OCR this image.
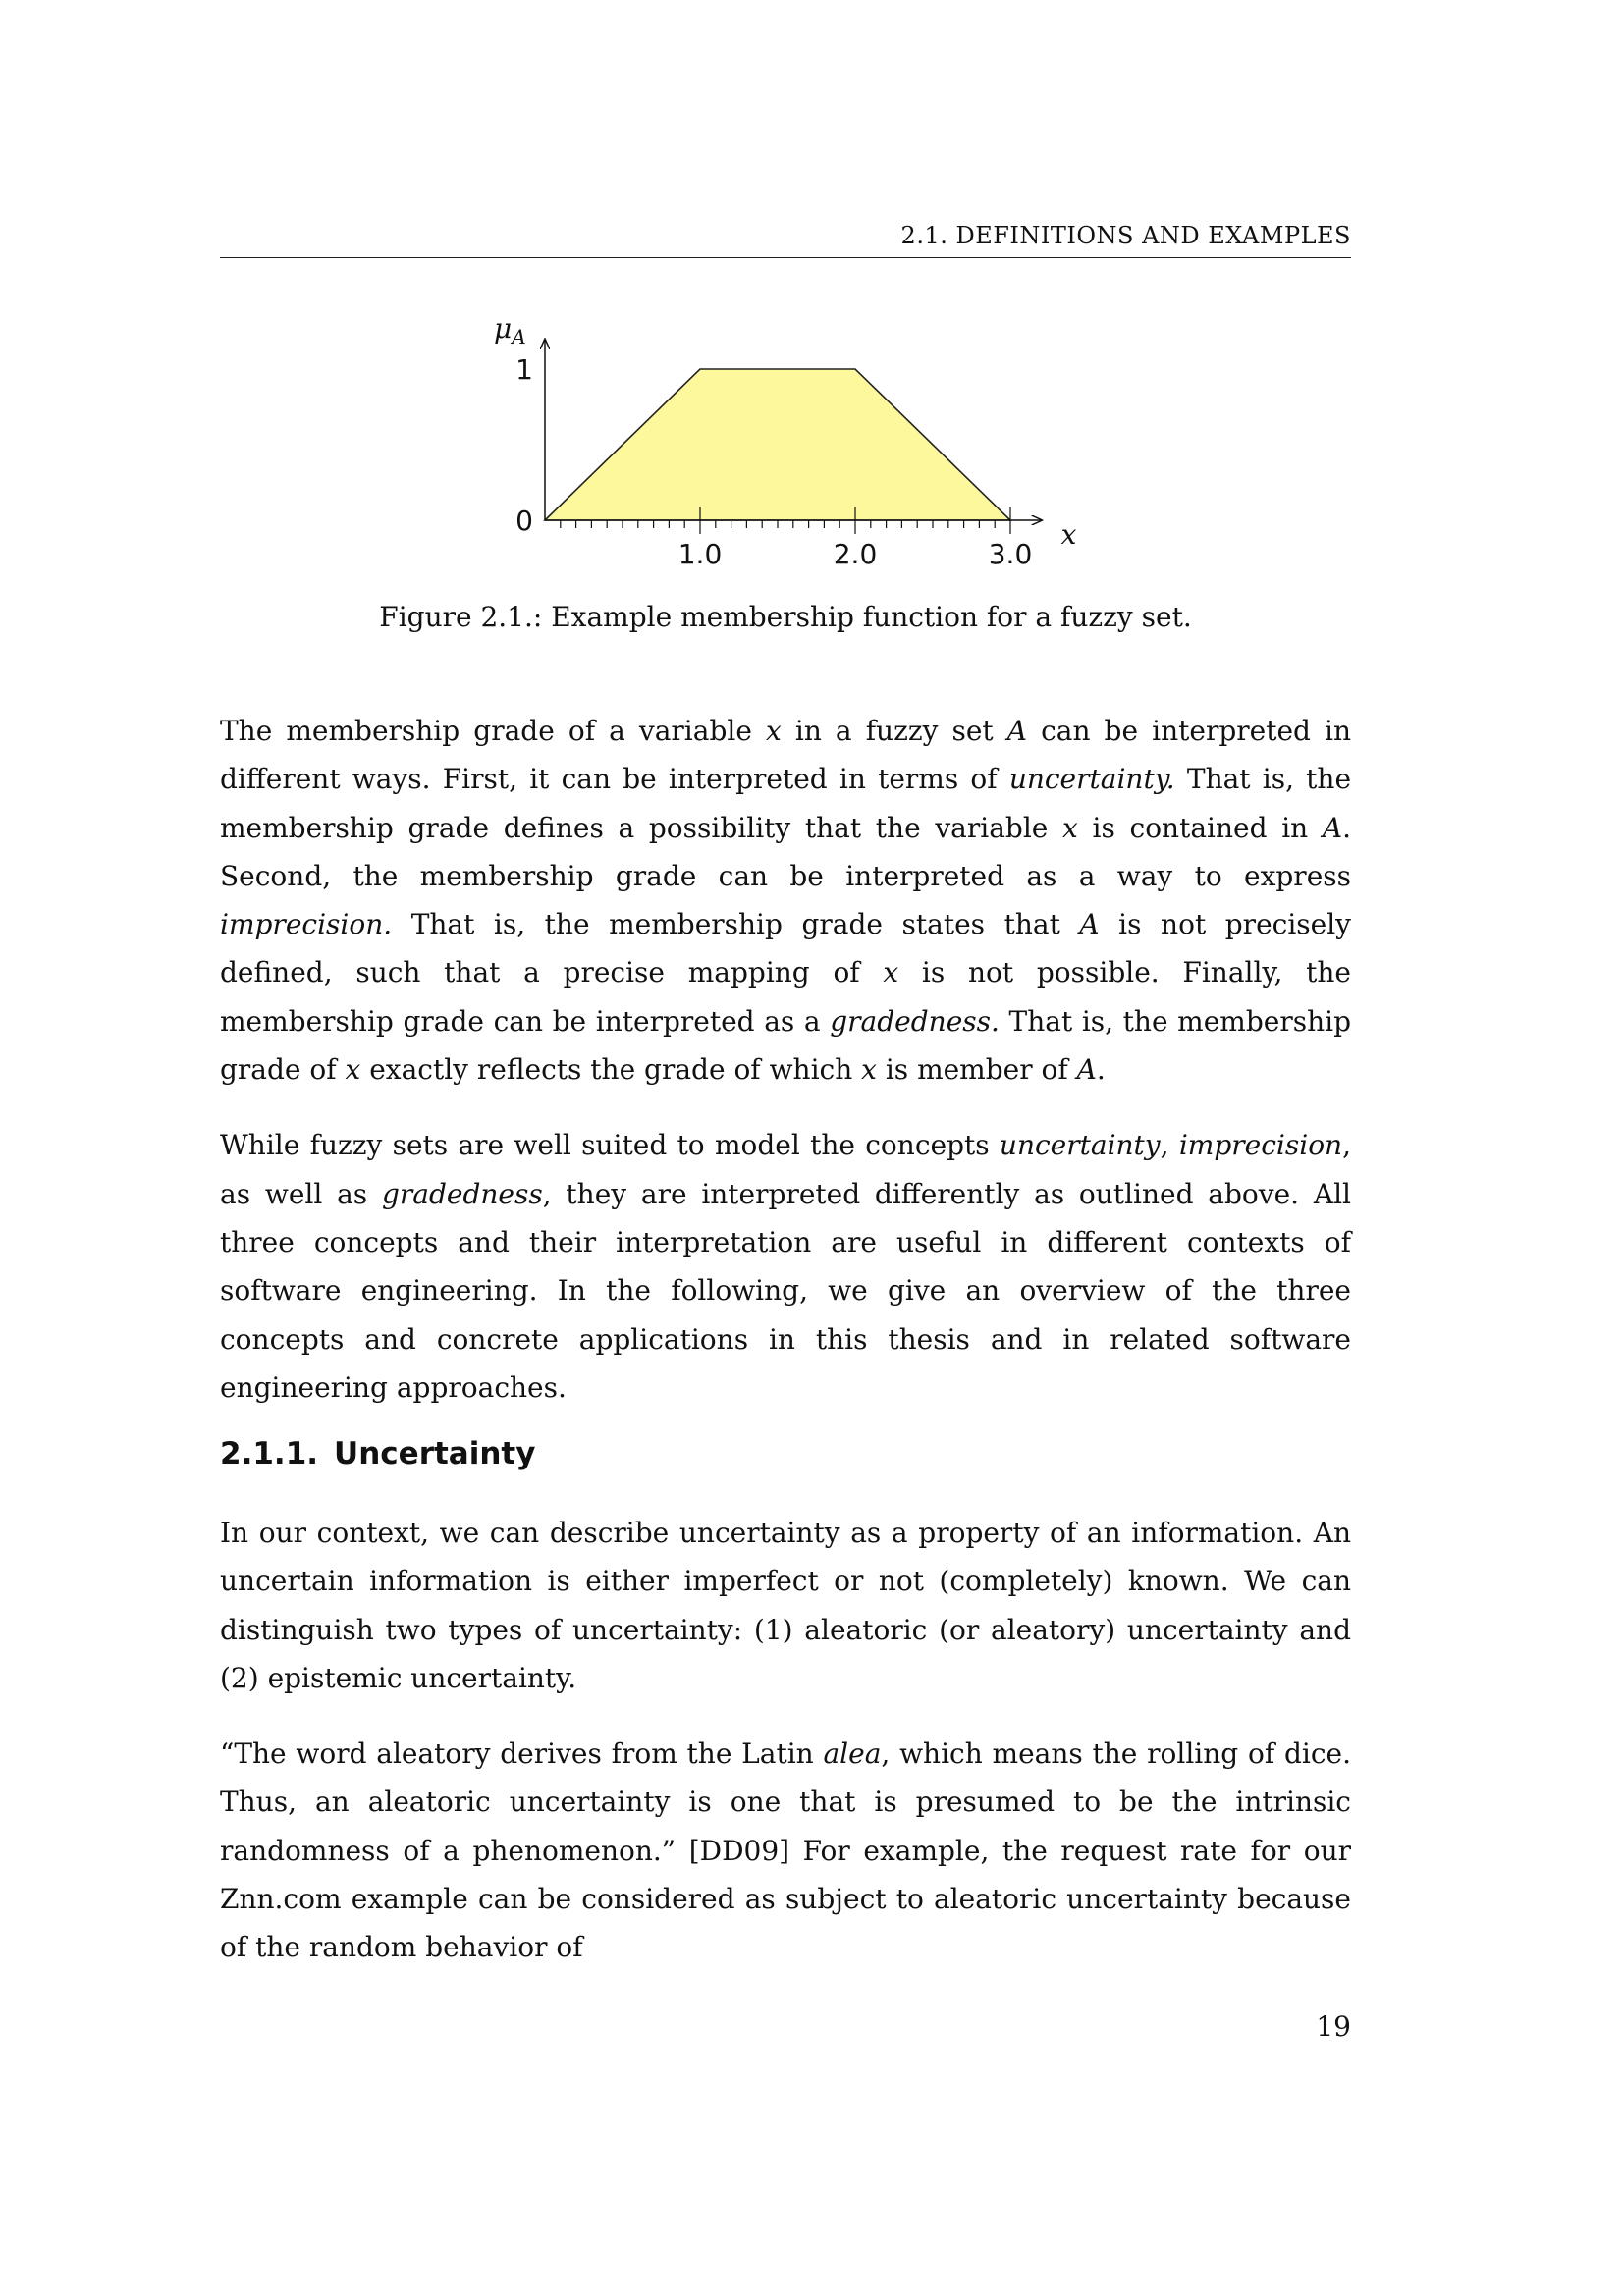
2.1. DEFINITIONS AND EXAMPLES
1.0	2.0	3.0
0
1
x
$\mu_A$
Figure 2.1.: Example membership function for a fuzzy set.

The membership grade of a variable x in a fuzzy set A can be interpreted in different ways. First, it can be interpreted in terms of uncertainty. That is, the membership grade defines a possibility that the variable x is contained in A. Second, the membership grade can be interpreted as a way to express imprecision. That is, the membership grade states that A is not precisely defined, such that a precise mapping of x is not possible. Finally, the membership grade can be interpreted as a gradedness. That is, the membership grade of x exactly reflects the grade of which x is member of A.

While fuzzy sets are well suited to model the concepts uncertainty, imprecision, as well as gradedness, they are interpreted differently as outlined above. All three concepts and their interpretation are useful in different contexts of software engineering. In the following, we give an overview of the three concepts and concrete applications in this thesis and in related software engineering approaches.

2.1.1. Uncertainty

In our context, we can describe uncertainty as a property of an information. An uncertain information is either imperfect or not (completely) known. We can distinguish two types of uncertainty: (1) aleatoric (or aleatory) uncertainty and (2) epistemic uncertainty.

“The word aleatory derives from the Latin alea, which means the rolling of dice. Thus, an aleatoric uncertainty is one that is presumed to be the intrinsic randomness of a phenomenon.” [DD09] For example, the request rate for our Znn.com example can be considered as subject to aleatoric uncertainty because of the random behavior of

19
